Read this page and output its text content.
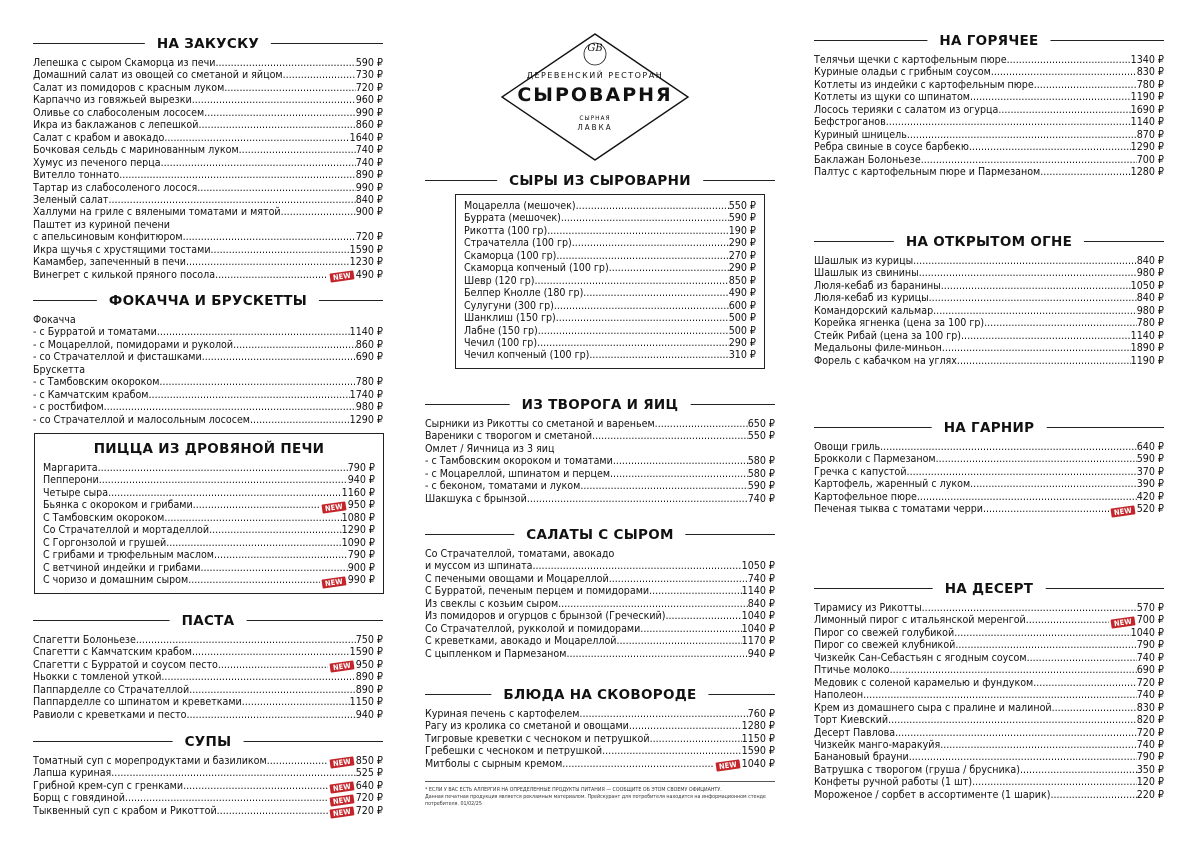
НА ЗАКУСКУ
Лепешка с сыром Скаморца из печи .....	590 ₽
Домашний салат из овощей со сметаной и яйцом .....	730 ₽
Салат из помидоров с красным луком .....	720 ₽
Карпаччо из говяжьей вырезки .....	960 ₽
Оливье со слабосоленым лососем .....	990 ₽
Икра из баклажанов с лепешкой .....	860 ₽
Салат с крабом и авокадо .....	1640 ₽
Бочковая сельдь с маринованным луком .....	740 ₽
Хумус из печеного перца .....	740 ₽
Вителло тоннато .....	890 ₽
Тартар из слабосоленого лосося .....	990 ₽
Зеленый салат .....	840 ₽
Халлуми на гриле с вялеными томатами и мятой .....	900 ₽
Паштет из куриной печени
с апельсиновым конфитюром .....	720 ₽
Икра щучья с хрустящими тостами .....	1590 ₽
Камамбер, запеченный в печи .....	1230 ₽
Винегрет с килькой пряного посола .....	NEW 490 ₽
ФОКАЧЧА И БРУСКЕТТЫ
Фокачча
- с Бурратой и томатами .....	1140 ₽
- с Моцареллой, помидорами и руколой .....	860 ₽
- со Страчателлой и фисташками .....	690 ₽
Брускетта
- с Тамбовским окороком .....	780 ₽
- с Камчатским крабом .....	1740 ₽
- с ростбифом .....	980 ₽
- со Страчателлой и малосольным лососем .....	1290 ₽
ПИЦЦА ИЗ ДРОВЯНОЙ ПЕЧИ
Маргарита .....	790 ₽
Пепперони .....	940 ₽
Четыре сыра .....	1160 ₽
Бьянка с окороком и грибами .....	NEW 950 ₽
С Тамбовским окороком .....	1080 ₽
Со Страчателлой и мортаделлой .....	1290 ₽
С Горгонзолой и грушей .....	1090 ₽
С грибами и трюфельным маслом .....	790 ₽
С ветчиной индейки и грибами .....	900 ₽
С чоризо и домашним сыром .....	NEW 990 ₽
ПАСТА
Спагетти Болоньезе .....	750 ₽
Спагетти с Камчатским крабом .....	1590 ₽
Спагетти с Бурратой и соусом песто .....	NEW 950 ₽
Ньокки с томленой уткой .....	890 ₽
Паппарделле со Страчателлой .....	890 ₽
Паппарделле со шпинатом и креветками .....	1150 ₽
Равиоли с креветками и песто .....	940 ₽
СУПЫ
Томатный суп с морепродуктами и базиликом .....	NEW 850 ₽
Лапша куриная .....	525 ₽
Грибной крем-суп с гренками .....	NEW 640 ₽
Борщ с говядиной .....	NEW 720 ₽
Тыквенный суп с крабом и Рикоттой .....	NEW 720 ₽
GB
ДЕРЕВЕНСКИЙ РЕСТОРАН
СЫРОВАРНЯ
СЫРНАЯ
ЛАВКА
СЫРЫ ИЗ СЫРОВАРНИ
Моцарелла (мешочек) .....	550 ₽
Буррата (мешочек) .....	590 ₽
Рикотта (100 гр) .....	190 ₽
Страчателла (100 гр) .....	290 ₽
Скаморца (100 гр) .....	270 ₽
Скаморца копченый (100 гр) .....	290 ₽
Шевр (120 гр) .....	850 ₽
Белпер Кнолле (180 гр) .....	490 ₽
Сулугуни (300 гр) .....	600 ₽
Шанклиш (150 гр) .....	500 ₽
Лабне (150 гр) .....	500 ₽
Чечил (100 гр) .....	290 ₽
Чечил копченый (100 гр) .....	310 ₽
ИЗ ТВОРОГА И ЯИЦ
Сырники из Рикотты со сметаной и вареньем .....	650 ₽
Вареники с творогом и сметаной .....	550 ₽
Омлет / Яичница из 3 яиц
- с Тамбовским окороком и томатами .....	580 ₽
- с Моцареллой, шпинатом и перцем .....	580 ₽
- с беконом, томатами и луком .....	590 ₽
Шакшука с брынзой .....	740 ₽
САЛАТЫ С СЫРОМ
Со Страчателлой, томатами, авокадо
и муссом из шпината .....	1050 ₽
С печеными овощами и Моцареллой .....	740 ₽
С Бурратой, печеным перцем и помидорами .....	1140 ₽
Из свеклы с козьим сыром .....	840 ₽
Из помидоров и огурцов с брынзой (Греческий) .....	1040 ₽
Со Страчателлой, рукколой и помидорами .....	1040 ₽
С креветками, авокадо и Моцареллой .....	1170 ₽
С цыпленком и Пармезаном .....	940 ₽
БЛЮДА НА СКОВОРОДЕ
Куриная печень с картофелем .....	760 ₽
Рагу из кролика со сметаной и овощами .....	1280 ₽
Тигровые креветки с чесноком и петрушкой .....	1150 ₽
Гребешки с чесноком и петрушкой .....	1590 ₽
Митболы с сырным кремом .....	NEW 1040 ₽
* ЕСЛИ У ВАС ЕСТЬ АЛЛЕРГИЯ НА ОПРЕДЕЛЕННЫЕ ПРОДУКТЫ ПИТАНИЯ — СООБЩИТЕ ОБ ЭТОМ СВОЕМУ ОФИЦИАНТУ.
Данная печатная продукция является рекламным материалом. Прейскурант для потребителя находится на информационном стенде
потребителя. 01/02/25
НА ГОРЯЧЕЕ
Телячьи щечки с картофельным пюре .....	1340 ₽
Куриные оладьи с грибным соусом .....	830 ₽
Котлеты из индейки с картофельным пюре .....	780 ₽
Котлеты из щуки со шпинатом .....	1190 ₽
Лосось терияки с салатом из огурца .....	1690 ₽
Бефстроганов .....	1140 ₽
Куриный шницель .....	870 ₽
Ребра свиные в соусе барбекю .....	1290 ₽
Баклажан Болоньезе .....	700 ₽
Палтус с картофельным пюре и Пармезаном .....	1280 ₽
НА ОТКРЫТОМ ОГНЕ
Шашлык из курицы .....	840 ₽
Шашлык из свинины .....	980 ₽
Люля-кебаб из баранины .....	1050 ₽
Люля-кебаб из курицы .....	840 ₽
Командорский кальмар .....	980 ₽
Корейка ягненка (цена за 100 гр) .....	780 ₽
Стейк Рибай (цена за 100 гр) .....	1140 ₽
Медальоны филе-миньон .....	1890 ₽
Форель с кабачком на углях .....	1190 ₽
НА ГАРНИР
Овощи гриль .....	640 ₽
Брокколи с Пармезаном .....	590 ₽
Гречка с капустой .....	370 ₽
Картофель, жаренный с луком .....	390 ₽
Картофельное пюре .....	420 ₽
Печеная тыква с томатами черри .....	NEW 520 ₽
НА ДЕСЕРТ
Тирамису из Рикотты .....	570 ₽
Лимонный пирог с итальянской меренгой .....	NEW 700 ₽
Пирог со свежей голубикой .....	1040 ₽
Пирог со свежей клубникой .....	790 ₽
Чизкейк Сан-Себастьян с ягодным соусом .....	740 ₽
Птичье молоко .....	690 ₽
Медовик с соленой карамелью и фундуком .....	720 ₽
Наполеон .....	740 ₽
Крем из домашнего сыра с пралине и малиной .....	830 ₽
Торт Киевский .....	820 ₽
Десерт Павлова .....	720 ₽
Чизкейк манго-маракуйя .....	740 ₽
Банановый брауни .....	790 ₽
Ватрушка с творогом (груша / брусника) .....	350 ₽
Конфеты ручной работы (1 шт) .....	120 ₽
Мороженое / сорбет в ассортименте (1 шарик) .....	220 ₽
